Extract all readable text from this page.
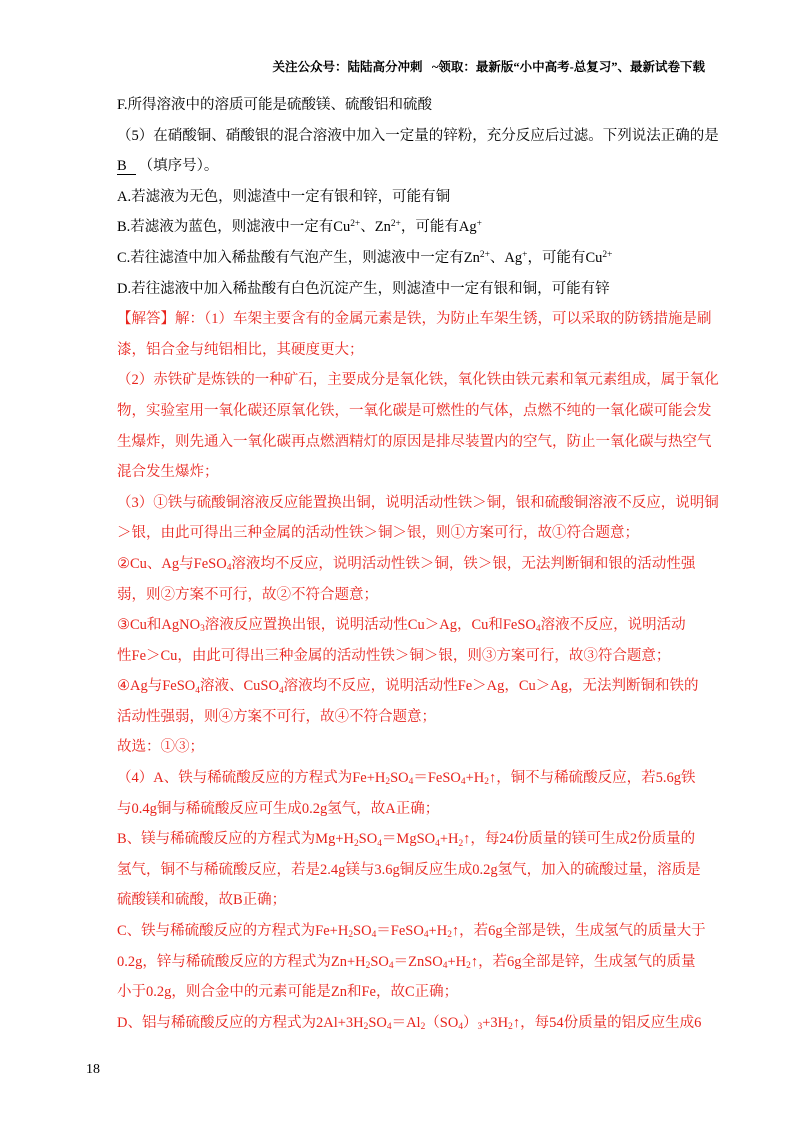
关注公众号：陆陆高分冲刺   ~领取：最新版“小中高考-总复习”、最新试卷下载
F.所得溶液中的溶质可能是硫酸镁、硫酸铝和硫酸
（5）在硝酸铜、硝酸银的混合溶液中加入一定量的锌粉，充分反应后过滤。下列说法正确的是
B （填序号）。
A.若滤液为无色，则滤渣中一定有银和锌，可能有铜
B.若滤液为蓝色，则滤液中一定有$Cu^{2+}$、$Zn^{2+}$，可能有Ag+
C.若往滤渣中加入稀盐酸有气泡产生，则滤液中一定有$Zn^{2+}$、Ag+，可能有$Cu^{2+}$
D.若往滤液中加入稀盐酸有白色沉淀产生，则滤渣中一定有银和铜，可能有锌
【解答】解：（1）车架主要含有的金属元素是铁，为防止车架生锈，可以采取的防锈措施是刷
漆，铝合金与纯铝相比，其硬度更大；
（2）赤铁矿是炼铁的一种矿石，主要成分是氧化铁，氧化铁由铁元素和氧元素组成，属于氧化
物，实验室用一氧化碳还原氧化铁，一氧化碳是可燃性的气体，点燃不纯的一氧化碳可能会发
生爆炸，则先通入一氧化碳再点燃酒精灯的原因是排尽装置内的空气，防止一氧化碳与热空气
混合发生爆炸；
（3）①铁与硫酸铜溶液反应能置换出铜，说明活动性铁＞铜，银和硫酸铜溶液不反应，说明铜
＞银，由此可得出三种金属的活动性铁＞铜＞银，则①方案可行，故①符合题意；
②Cu、Ag与FeSO$_4$溶液均不反应，说明活动性铁＞铜，铁＞银，无法判断铜和银的活动性强
弱，则②方案不可行，故②不符合题意；
③Cu和AgNO$_3$溶液反应置换出银，说明活动性Cu＞Ag，Cu和FeSO$_4$溶液不反应，说明活动
性Fe＞Cu，由此可得出三种金属的活动性铁＞铜＞银，则③方案可行，故③符合题意；
④Ag与FeSO$_4$溶液、CuSO$_4$溶液均不反应，说明活动性Fe＞Ag，Cu＞Ag，无法判断铜和铁的
活动性强弱，则④方案不可行，故④不符合题意；
故选：①③；
（4）A、铁与稀硫酸反应的方程式为$Fe+H_2SO_4=FeSO_4+H_2↑$，铜不与稀硫酸反应，若5.6g铁
与0.4g铜与稀硫酸反应可生成0.2g氢气，故A正确；
B、镁与稀硫酸反应的方程式为$Mg+H_2SO_4=MgSO_4+H_2↑$，每24份质量的镁可生成2份质量的
氢气，铜不与稀硫酸反应，若是2.4g镁与3.6g铜反应生成0.2g氢气，加入的硫酸过量，溶质是
硫酸镁和硫酸，故B正确；
C、铁与稀硫酸反应的方程式为$Fe+H_2SO_4=FeSO_4+H_2↑$，若6g全部是铁，生成氢气的质量大于
0.2g，锌与稀硫酸反应的方程式为$Zn+H_2SO_4=ZnSO_4+H_2↑$，若6g全部是锌，生成氢气的质量
小于0.2g，则合金中的元素可能是Zn和Fe，故C正确；
D、铝与稀硫酸反应的方程式为$2Al+3H_2SO_4=Al_2(SO_4)_3+3H_2↑$，每54份质量的铝反应生成6
18
